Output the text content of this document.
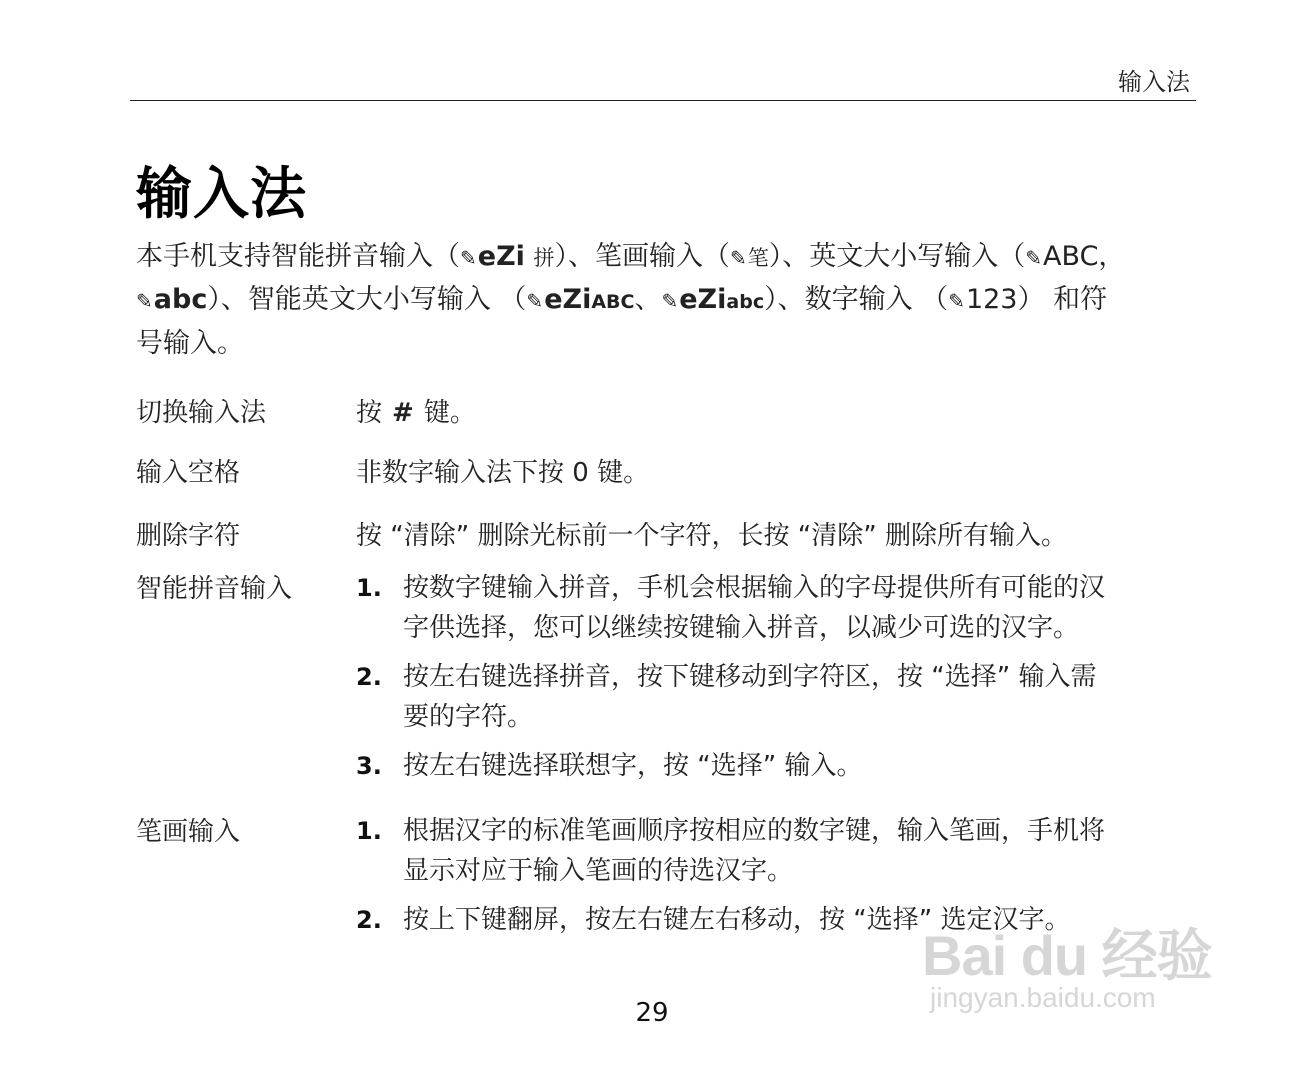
输入法
输入法
本手机支持智能拼音输入（✎eZi 拼）、笔画输入（✎笔）、英文大小写输入（✎ABC，
✎abc）、智能英文大小写输入 （✎eZiABC、✎eZiabc）、数字输入 （✎123） 和符
号输入。
切换输入法	按 # 键。
输入空格	非数字输入法下按 0 键。
删除字符	按 “清除” 删除光标前一个字符，长按 “清除” 删除所有输入。
智能拼音输入	1. 按数字键输入拼音，手机会根据输入的字母提供所有可能的汉
字供选择，您可以继续按键输入拼音，以减少可选的汉字。
2. 按左右键选择拼音，按下键移动到字符区，按 “选择” 输入需
要的字符。
3. 按左右键选择联想字，按 “选择” 输入。
笔画输入	1. 根据汉字的标准笔画顺序按相应的数字键，输入笔画，手机将
显示对应于输入笔画的待选汉字。
2. 按上下键翻屏，按左右键左右移动，按 “选择” 选定汉字。
29
Bai du 经验
jingyan.baidu.com
